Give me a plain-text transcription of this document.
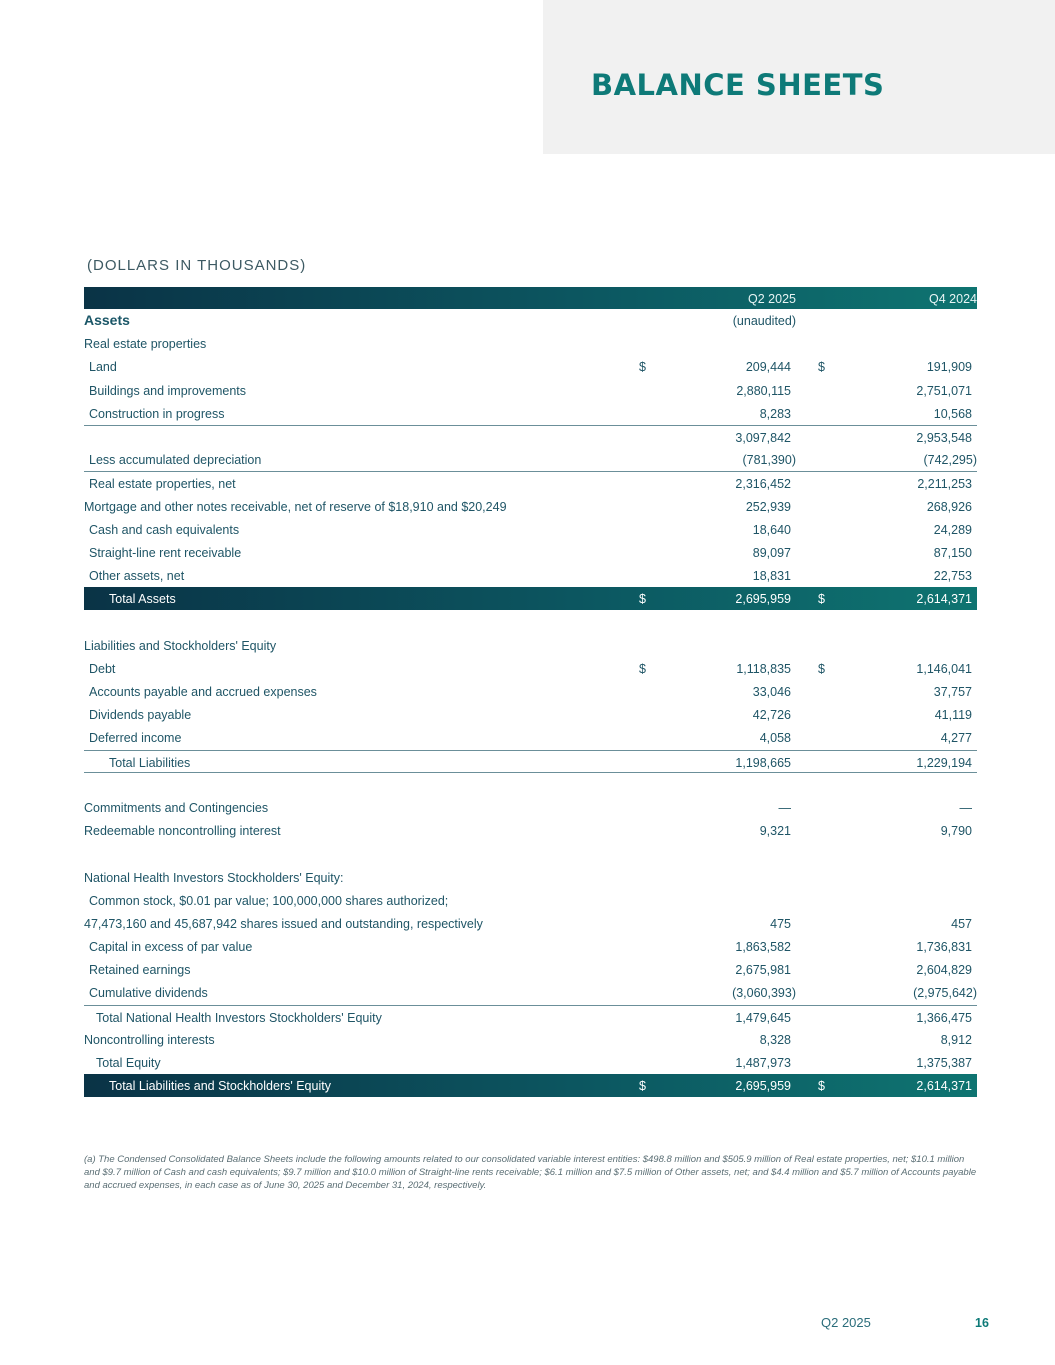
BALANCE SHEETS
(DOLLARS IN THOUSANDS)
Q2 2025	Q4 2024
Assets	(unaudited)
Real estate properties
Land	$	209,444 $	191,909
Buildings and improvements	2,880,115	2,751,071
Construction in progress	8,283	10,568
3,097,842	2,953,548
Less accumulated depreciation	(781,390)	(742,295)
Real estate properties, net	2,316,452	2,211,253
Mortgage and other notes receivable, net of reserve of $18,910 and $20,249	252,939	268,926
Cash and cash equivalents	18,640	24,289
Straight-line rent receivable	89,097	87,150
Other assets, net	18,831	22,753
Total Assets	$	2,695,959 $	2,614,371
Liabilities and Stockholders' Equity
Debt	$	1,118,835 $	1,146,041
Accounts payable and accrued expenses	33,046	37,757
Dividends payable	42,726	41,119
Deferred income	4,058	4,277
Total Liabilities	1,198,665	1,229,194
Commitments and Contingencies	—	—
Redeemable noncontrolling interest	9,321	9,790
National Health Investors Stockholders' Equity:
Common stock, $0.01 par value; 100,000,000 shares authorized;
47,473,160 and 45,687,942 shares issued and outstanding, respectively	475	457
Capital in excess of par value	1,863,582	1,736,831
Retained earnings	2,675,981	2,604,829
Cumulative dividends	(3,060,393)	(2,975,642)
Total National Health Investors Stockholders' Equity	1,479,645	1,366,475
Noncontrolling interests	8,328	8,912
Total Equity	1,487,973	1,375,387
Total Liabilities and Stockholders' Equity	$	2,695,959 $	2,614,371

(a) The Condensed Consolidated Balance Sheets include the following amounts related to our consolidated variable interest entities: $498.8 million and $505.9 million of Real estate properties, net; $10.1 million and $9.7 million of Cash and cash equivalents; $9.7 million and $10.0 million of Straight-line rents receivable; $6.1 million and $7.5 million of Other assets, net; and $4.4 million and $5.7 million of Accounts payable and accrued expenses, in each case as of June 30, 2025 and December 31, 2024, respectively.

Q2 2025	16
